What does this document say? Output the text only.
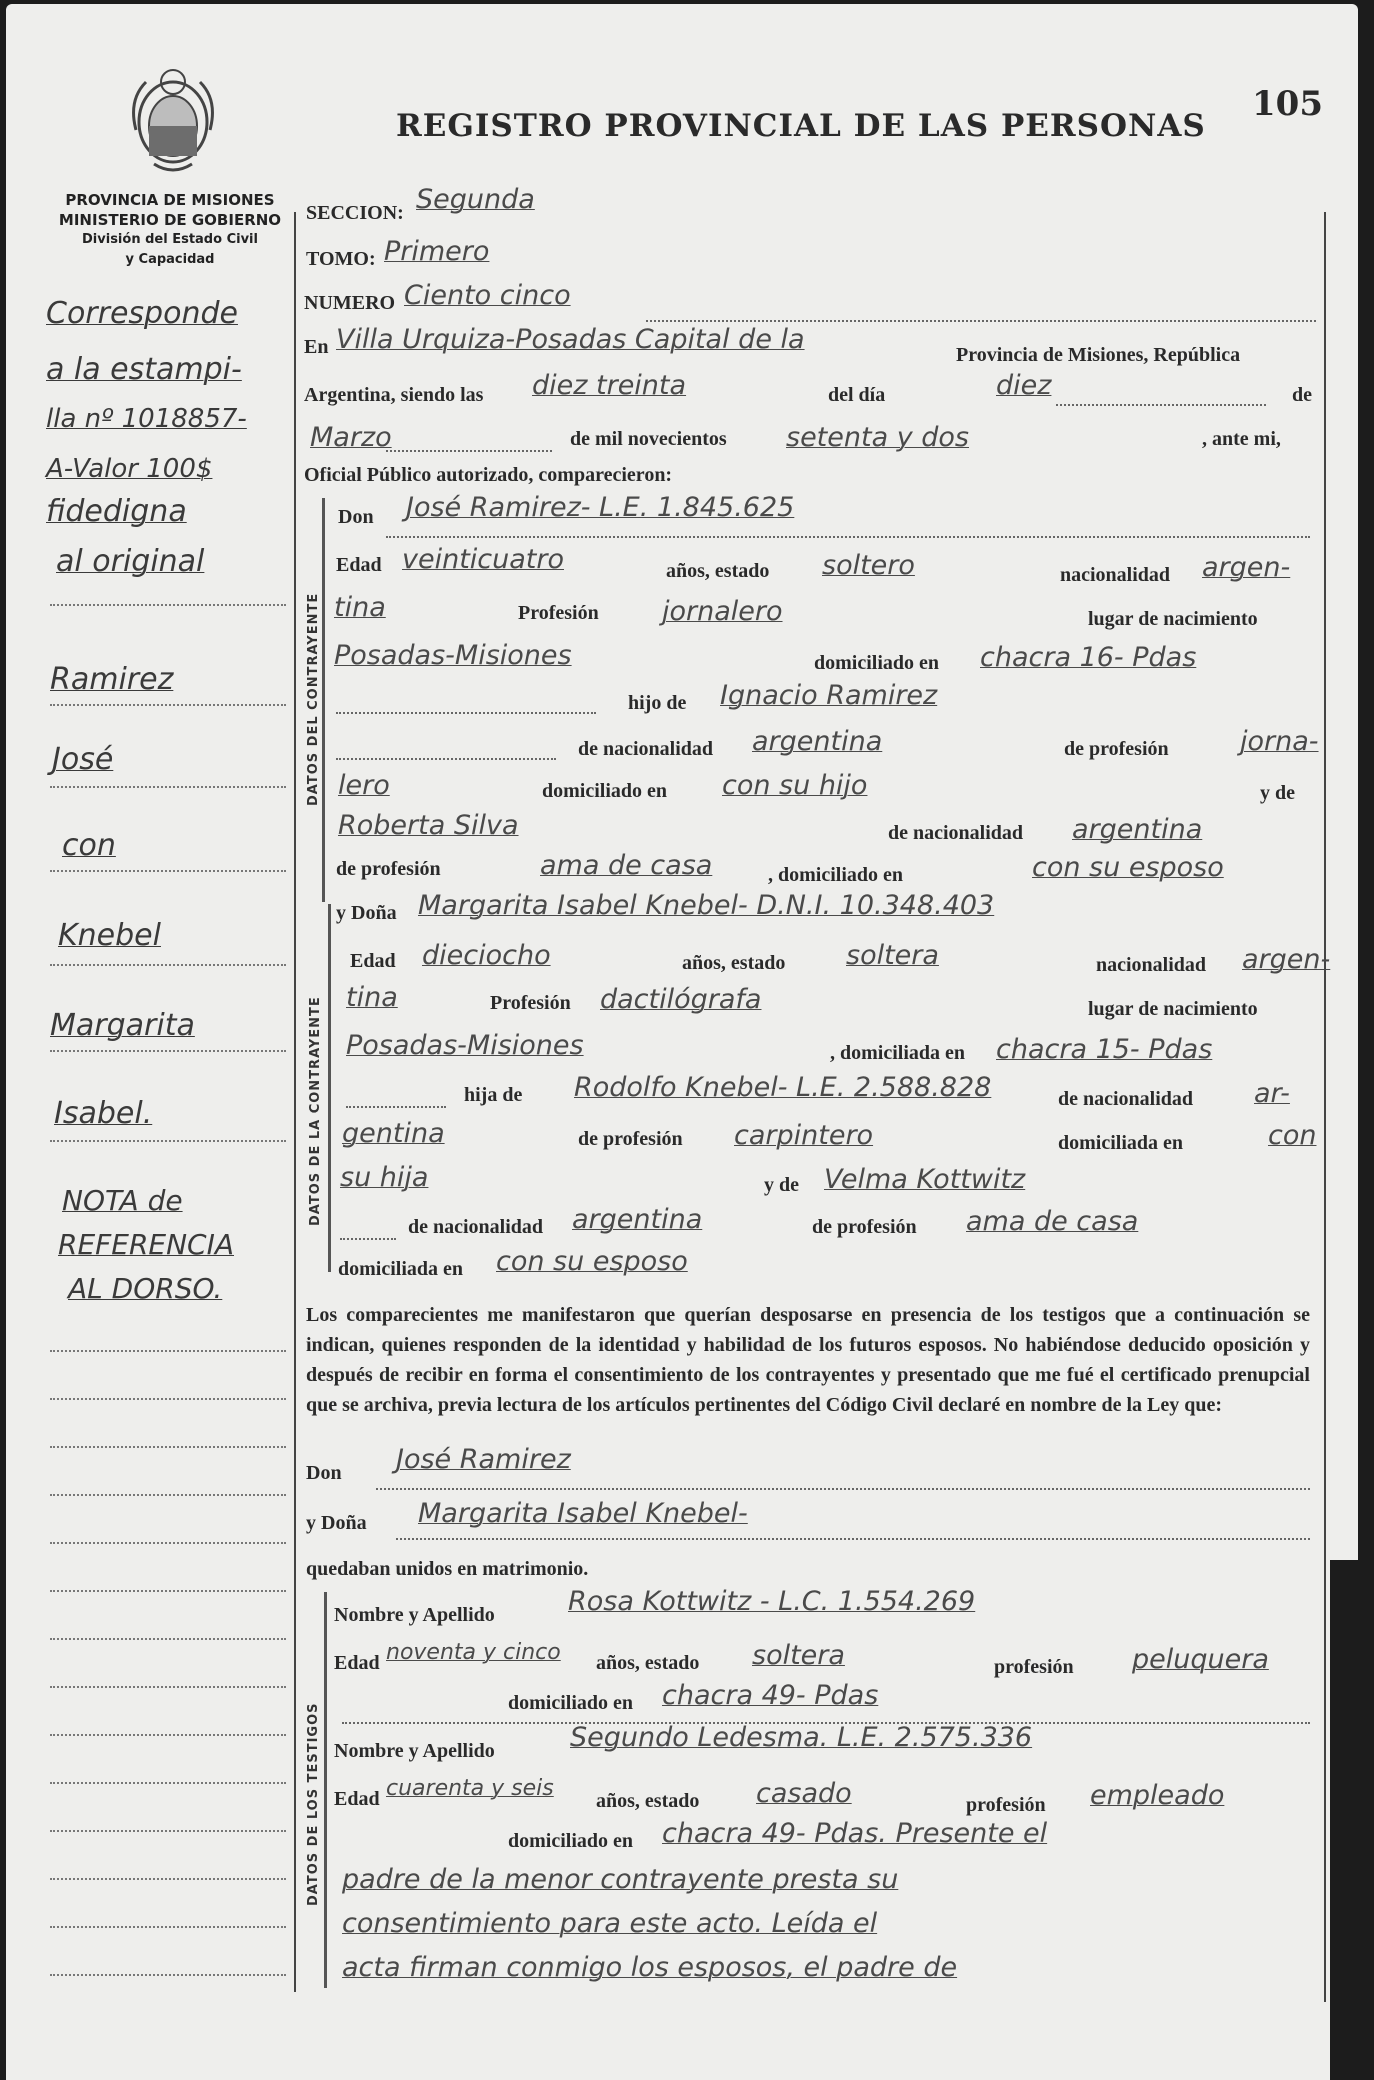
REGISTRO PROVINCIAL DE LAS PERSONAS
105
PROVINCIA DE MISIONES
MINISTERIO DE GOBIERNO
División del Estado Civil
y Capacidad
Corresponde
a la estampi-
lla nº 1018857-
A-Valor 100$
fidedigna
al original
Ramirez
José
con
Knebel
Margarita
Isabel.
NOTA de
REFERENCIA
AL DORSO.
SECCION: Segunda
TOMO: Primero
NUMERO Ciento cinco
En Villa Urquiza-Posadas Capital de la	Provincia de Misiones, República
Argentina, siendo las diez treinta	del día	diez	de
Marzo	de mil novecientos setenta y dos	, ante mi,
Oficial Público autorizado, comparecieron:
DATOS DEL CONTRAYENTE
Don José Ramirez- L.E. 1.845.625
Edad veinticuatro	años, estado soltero	nacionalidad argen-
tina	Profesión jornalero	lugar de nacimiento
Posadas-Misiones	domiciliado en chacra 16- Pdas
hijo de Ignacio Ramirez
de nacionalidad argentina	de profesión	jorna-
lero	domiciliado en con su hijo	y de
Roberta Silva	de nacionalidad argentina
de profesión	ama de casa	, domiciliado en	con su esposo
DATOS DE LA CONTRAYENTE
y Doña Margarita Isabel Knebel- D.N.I. 10.348.403
Edad dieciocho	años, estado soltera	nacionalidad argen-
tina	Profesión dactilógrafa	lugar de nacimiento
Posadas-Misiones	, domiciliada en chacra 15- Pdas
hija de Rodolfo Knebel- L.E. 2.588.828	de nacionalidad ar-
gentina	de profesión carpintero	domiciliada en	con
su hija	y de Velma Kottwitz
de nacionalidad argentina	de profesión ama de casa
domiciliada en con su esposo
Los comparecientes me manifestaron que querían desposarse en presencia de los testigos que a continuación se indican, quienes responden de la identidad y habilidad de los futuros esposos. No habiéndose deducido oposición y después de recibir en forma el consentimiento de los contrayentes y presentado que me fué el certificado prenupcial que se archiva, previa lectura de los artículos pertinentes del Código Civil declaré en nombre de la Ley que:
Don José Ramirez
y Doña Margarita Isabel Knebel-
quedaban unidos en matrimonio.
DATOS DE LOS TESTIGOS
Nombre y Apellido	Rosa Kottwitz - L.C. 1.554.269
Edad noventa y cinco años, estado soltera	profesión peluquera
domiciliado en chacra 49- Pdas
Nombre y Apellido	Segundo Ledesma. L.E. 2.575.336
Edad cuarenta y seis años, estado casado	profesión empleado
domiciliado en chacra 49- Pdas. Presente el
padre de la menor contrayente presta su
consentimiento para este acto. Leída el
acta firman conmigo los esposos, el padre de
